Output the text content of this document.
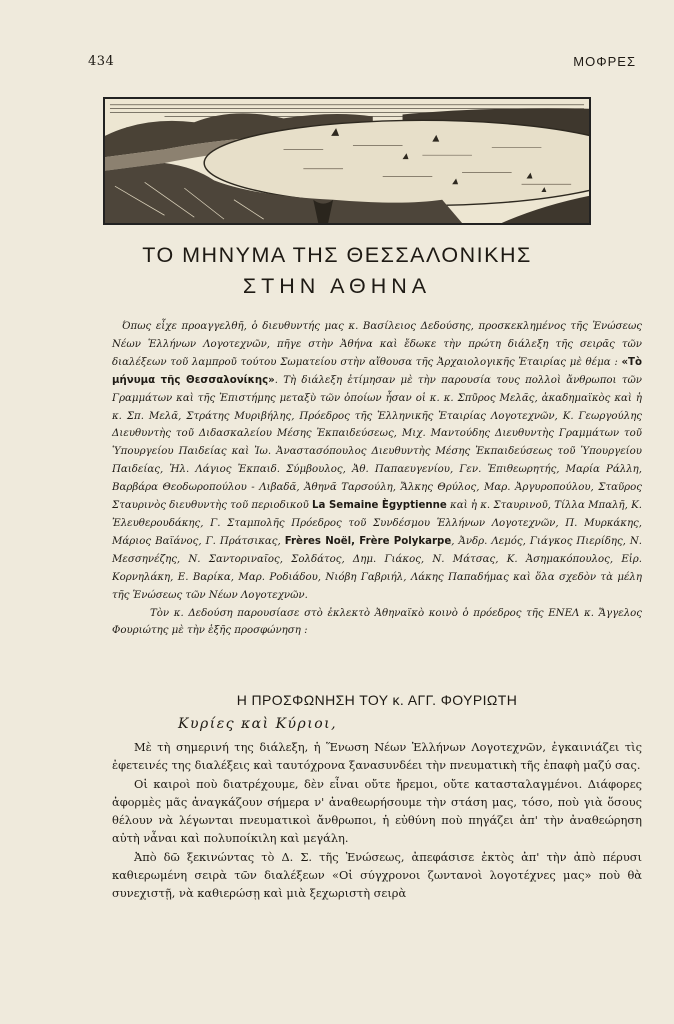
434	ΜΟΦΡΕΣ
ΤΟ ΜΗΝΥΜΑ ΤΗΣ ΘΕΣΣΑΛΟΝΙΚΗΣ
ΣΤΗΝ ΑΘΗΝΑ

Όπως εἶχε προαγγελθῆ, ὁ διευθυντής μας κ. Βασίλειος Δεδούσης, προσκεκλημένος τῆς Ἑνώσεως Νέων Ἑλλήνων Λογοτεχνῶν, πῆγε στὴν Ἀθήνα καὶ ἔδωκε τὴν πρώτη διάλεξη τῆς σειρᾶς τῶν διαλέξεων τοῦ λαμπροῦ τούτου Σωματείου στὴν αἴθουσα τῆς Ἀρχαιολογικῆς Ἑταιρίας μὲ θέμα : «Τὸ μήνυμα τῆς Θεσσαλονίκης». Τὴ διάλεξη ἐτίμησαν μὲ τὴν παρουσία τους πολλοὶ ἄνθρωποι τῶν Γραμμάτων καὶ τῆς Ἐπιστήμης μεταξὺ τῶν ὁποίων ἦσαν οἱ κ. κ. Σπῦρος Μελᾶς, ἀκαδημαϊκὸς καὶ ἡ κ. Σπ. Μελᾶ, Στράτης Μυριβήλης, Πρόεδρος τῆς Ἑλληνικῆς Ἑταιρίας Λογοτεχνῶν, Κ. Γεωργούλης Διευθυντὴς τοῦ Διδασκαλείου Μέσης Ἐκπαιδεύσεως, Μιχ. Μαντούδης Διευθυντὴς Γραμμάτων τοῦ Ὑπουργείου Παιδείας καὶ Ἰω. Ἀναστασόπουλος Διευθυντὴς Μέσης Ἐκπαιδεύσεως τοῦ Ὑπουργείου Παιδείας, Ἠλ. Λάγιος Ἐκπαιδ. Σύμβουλος, Ἀθ. Παπαευγενίου, Γεν. Ἐπιθεωρητής, Μαρία Ράλλη, Βαρβάρα Θεοδωροπούλου - Λιβαδᾶ, Ἀθηνᾶ Ταρσούλη, Ἄλκης Θρύλος, Μαρ. Ἀργυροπούλου, Σταῦρος Σταυρινὸς διευθυντὴς τοῦ περιοδικοῦ La Semaine Ègyptienne καὶ ἡ κ. Σταυρινοῦ, Τίλλα Μπαλῆ, Κ. Ἐλευθερουδάκης, Γ. Σταμπολῆς Πρόεδρος τοῦ Συνδέσμου Ἑλλήνων Λογοτεχνῶν, Π. Μυρκάκης, Μάριος Βαϊάνος, Γ. Πράτσικας, Frères Noël, Frère Polykarpe, Ἀνδρ. Λεμός, Γιάγκος Πιερίδης, Ν. Μεσσηνέζης, Ν. Σαντοριναῖος, Σολδάτος, Δημ. Γιάκος, Ν. Μάτσας, Κ. Ἀσημακόπουλος, Εἰρ. Κορνηλάκη, Ε. Βαρίκα, Μαρ. Ροδιάδου, Νιόβη Γαβριήλ, Λάκης Παπαδήμας καὶ ὅλα σχεδὸν τὰ μέλη τῆς Ἑνώσεως τῶν Νέων Λογοτεχνῶν.

Τὸν κ. Δεδούση παρουσίασε στὸ ἐκλεκτὸ Ἀθηναϊκὸ κοινὸ ὁ πρόεδρος τῆς ΕΝΕΛ κ. Ἄγγελος Φουριώτης μὲ τὴν ἑξῆς προσφώνηση :

Η ΠΡΟΣΦΩΝΗΣΗ ΤΟΥ κ. ΑΓΓ. ΦΟΥΡΙΩΤΗ
Κυρίες καὶ Κύριοι,

Μὲ τὴ σημερινή της διάλεξη, ἡ Ἕνωση Νέων Ἑλλήνων Λογοτεχνῶν, ἐγκαινιάζει τὶς ἐφετεινές της διαλέξεις καὶ ταυτόχρονα ξανασυνδέει τὴν πνευματικὴ τῆς ἐπαφὴ μαζύ σας.

Οἱ καιροὶ ποὺ διατρέχουμε, δὲν εἶναι οὔτε ἤρεμοι, οὔτε κατασταλαγμένοι. Διάφορες ἀφορμὲς μᾶς ἀναγκάζουν σήμερα ν' ἀναθεωρήσουμε τὴν στάση μας, τόσο, ποὺ γιὰ ὅσους θέλουν νὰ λέγωνται πνευματικοὶ ἄνθρωποι, ἡ εὐθύνη ποὺ πηγάζει ἀπ' τὴν ἀναθεώρηση αὐτὴ νἆναι καὶ πολυποίκιλη καὶ μεγάλη.

Ἀπὸ δῶ ξεκινώντας τὸ Δ. Σ. τῆς Ἑνώσεως, ἀπεφάσισε ἐκτὸς ἀπ' τὴν ἀπὸ πέρυσι καθιερωμένη σειρὰ τῶν διαλέξεων «Οἱ σύγχρονοι ζωντανοὶ λογοτέχνες μας» ποὺ θὰ συνεχιστῇ, νὰ καθιερώσῃ καὶ μιὰ ξεχωριστὴ σειρὰ
